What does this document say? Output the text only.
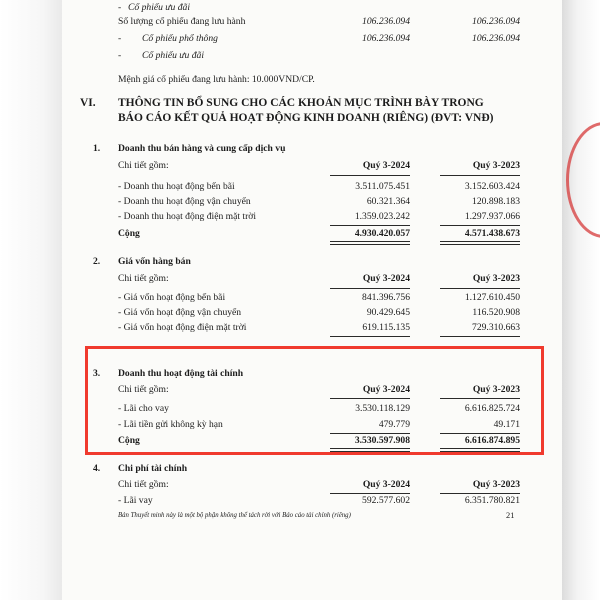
Cổ phiếu ưu đãi
-
Số lượng cổ phiếu đang lưu hành	106.236.094	106.236.094
- Cổ phiếu phổ thông	106.236.094	106.236.094
- Cổ phiếu ưu đãi
Mệnh giá cổ phiếu đang lưu hành: 10.000VND/CP.
VI. THÔNG TIN BỔ SUNG CHO CÁC KHOẢN MỤC TRÌNH BÀY TRONG
BÁO CÁO KẾT QUẢ HOẠT ĐỘNG KINH DOANH (RIÊNG) (ĐVT: VNĐ)
1. Doanh thu bán hàng và cung cấp dịch vụ
Chi tiết gồm:	Quý 3-2024	Quý 3-2023
- Doanh thu hoạt động bến bãi	3.511.075.451	3.152.603.424
- Doanh thu hoạt động vận chuyển	60.321.364	120.898.183
- Doanh thu hoạt động điện mặt trời	1.359.023.242	1.297.937.066
Cộng	4.930.420.057	4.571.438.673
2. Giá vốn hàng bán
Chi tiết gồm:	Quý 3-2024	Quý 3-2023
- Giá vốn hoạt động bến bãi	841.396.756	1.127.610.450
- Giá vốn hoạt động vận chuyển	90.429.645	116.520.908
- Giá vốn hoạt động điện mặt trời	619.115.135	729.310.663
3. Doanh thu hoạt động tài chính
Chi tiết gồm:	Quý 3-2024	Quý 3-2023
- Lãi cho vay	3.530.118.129	6.616.825.724
- Lãi tiền gửi không kỳ hạn	479.779	49.171
Cộng	3.530.597.908	6.616.874.895
4. Chi phí tài chính
Chi tiết gồm:	Quý 3-2024	Quý 3-2023
- Lãi vay	592.577.602	6.351.780.821
Bản Thuyết minh này là một bộ phận không thể tách rời với Báo cáo tài chính (riêng)	21
